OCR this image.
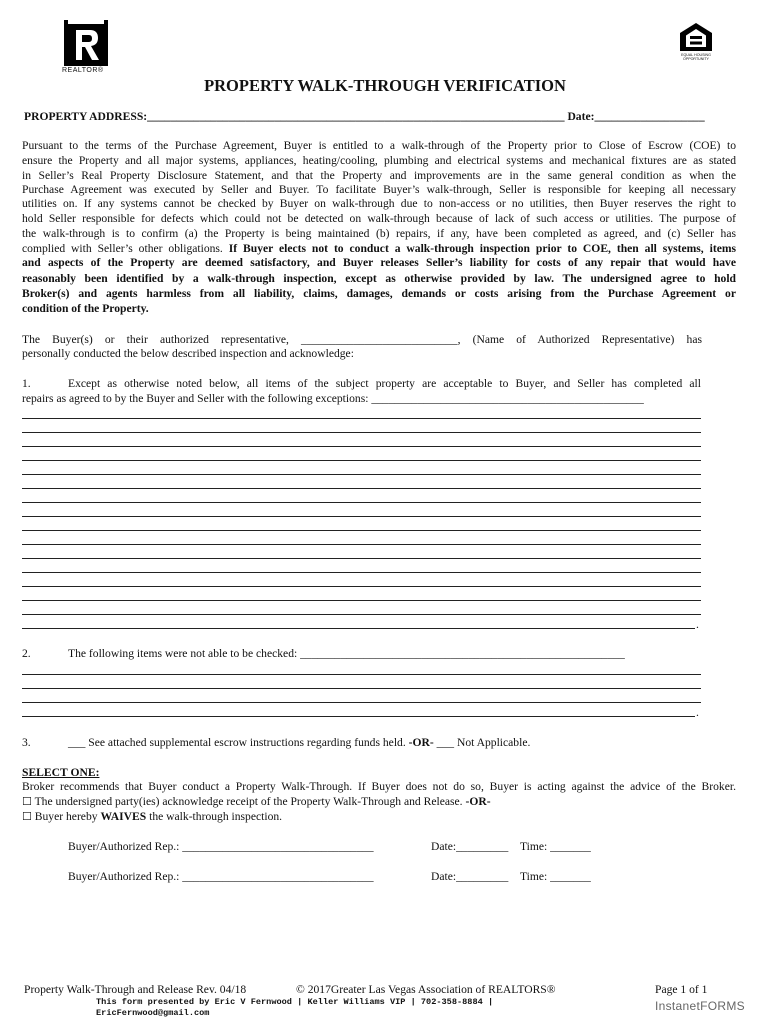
REALTOR®
EQUAL HOUSING OPPORTUNITY
PROPERTY WALK-THROUGH VERIFICATION
PROPERTY ADDRESS:________________________________________________________________________ Date:___________________
Pursuant to the terms of the Purchase Agreement, Buyer is entitled to a walk-through of the Property prior to Close of Escrow (COE) to
ensure the Property and all major systems, appliances, heating/cooling, plumbing and electrical systems and mechanical fixtures are as stated
in Seller’s Real Property Disclosure Statement, and that the Property and improvements are in the same general condition as when the
Purchase Agreement was executed by Seller and Buyer. To facilitate Buyer’s walk-through, Seller is responsible for keeping all necessary
utilities on. If any systems cannot be checked by Buyer on walk-through due to non-access or no utilities, then Buyer reserves the right to
hold Seller responsible for defects which could not be detected on walk-through because of lack of such access or utilities. The purpose of
the walk-through is to confirm (a) the Property is being maintained (b) repairs, if any, have been completed as agreed, and (c) Seller has
complied with Seller’s other obligations. If Buyer elects not to conduct a walk-through inspection prior to COE, then all systems, items
and aspects of the Property are deemed satisfactory, and Buyer releases Seller’s liability for costs of any repair that would have
reasonably been identified by a walk-through inspection, except as otherwise provided by law. The undersigned agree to hold
Broker(s) and agents harmless from all liability, claims, damages, demands or costs arising from the Purchase Agreement or
condition of the Property.
The Buyer(s) or their authorized representative, ___________________________, (Name of Authorized Representative) has
personally conducted the below described inspection and acknowledge:
1.	Except as otherwise noted below, all items of the subject property are acceptable to Buyer, and Seller has completed all
repairs as agreed to by the Buyer and Seller with the following exceptions: _______________________________________________
.
2.	The following items were not able to be checked: ________________________________________________________
.
3.	___ See attached supplemental escrow instructions regarding funds held. -OR- ___ Not Applicable.
SELECT ONE:
Broker recommends that Buyer conduct a Property Walk-Through. If Buyer does not do so, Buyer is acting against the advice of the Broker.
☐ The undersigned party(ies) acknowledge receipt of the Property Walk-Through and Release. -OR-
☐ Buyer hereby WAIVES the walk-through inspection.
Buyer/Authorized Rep.: _________________________________	Date:_________ Time: _______
Buyer/Authorized Rep.: _________________________________	Date:_________ Time: _______
Property Walk-Through and Release Rev. 04/18	© 2017Greater Las Vegas Association of REALTORS®	Page 1 of 1
This form presented by Eric V Fernwood | Keller Williams VIP | 702-358-8884 |
EricFernwood@gmail.com	InstanetFORMS
